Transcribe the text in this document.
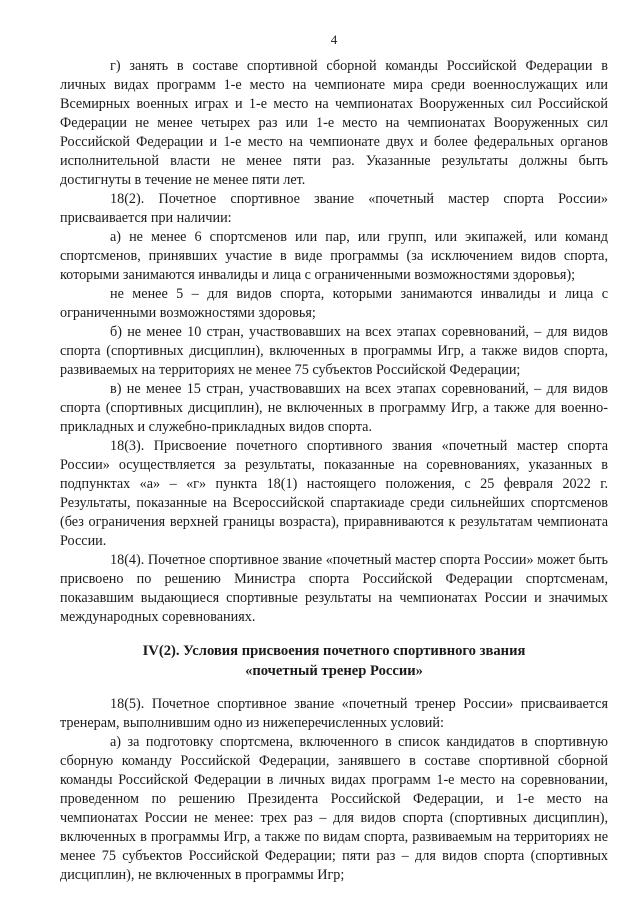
4

г) занять в составе спортивной сборной команды Российской Федерации в личных видах программ 1-е место на чемпионате мира среди военнослужащих или Всемирных военных играх и 1-е место на чемпионатах Вооруженных сил Российской Федерации не менее четырех раз или 1-е место на чемпионатах Вооруженных сил Российской Федерации и 1-е место на чемпионате двух и более федеральных органов исполнительной власти не менее пяти раз. Указанные результаты должны быть достигнуты в течение не менее пяти лет.

18(2). Почетное спортивное звание «почетный мастер спорта России» присваивается при наличии:

а) не менее 6 спортсменов или пар, или групп, или экипажей, или команд спортсменов, принявших участие в виде программы (за исключением видов спорта, которыми занимаются инвалиды и лица с ограниченными возможностями здоровья);

не менее 5 – для видов спорта, которыми занимаются инвалиды и лица с ограниченными возможностями здоровья;

б) не менее 10 стран, участвовавших на всех этапах соревнований, – для видов спорта (спортивных дисциплин), включенных в программы Игр, а также видов спорта, развиваемых на территориях не менее 75 субъектов Российской Федерации;

в) не менее 15 стран, участвовавших на всех этапах соревнований, – для видов спорта (спортивных дисциплин), не включенных в программу Игр, а также для военно-прикладных и служебно-прикладных видов спорта.

18(3). Присвоение почетного спортивного звания «почетный мастер спорта России» осуществляется за результаты, показанные на соревнованиях, указанных в подпунктах «а» – «г» пункта 18(1) настоящего положения, с 25 февраля 2022 г. Результаты, показанные на Всероссийской спартакиаде среди сильнейших спортсменов (без ограничения верхней границы возраста), приравниваются к результатам чемпионата России.

18(4). Почетное спортивное звание «почетный мастер спорта России» может быть присвоено по решению Министра спорта Российской Федерации спортсменам, показавшим выдающиеся спортивные результаты на чемпионатах России и значимых международных соревнованиях.

IV(2). Условия присвоения почетного спортивного звания
«почетный тренер России»

18(5). Почетное спортивное звание «почетный тренер России» присваивается тренерам, выполнившим одно из нижеперечисленных условий:

а) за подготовку спортсмена, включенного в список кандидатов в спортивную сборную команду Российской Федерации, занявшего в составе спортивной сборной команды Российской Федерации в личных видах программ 1-е место на соревновании, проведенном по решению Президента Российской Федерации, и 1-е место на чемпионатах России не менее: трех раз – для видов спорта (спортивных дисциплин), включенных в программы Игр, а также по видам спорта, развиваемым на территориях не менее 75 субъектов Российской Федерации; пяти раз – для видов спорта (спортивных дисциплин), не включенных в программы Игр;
